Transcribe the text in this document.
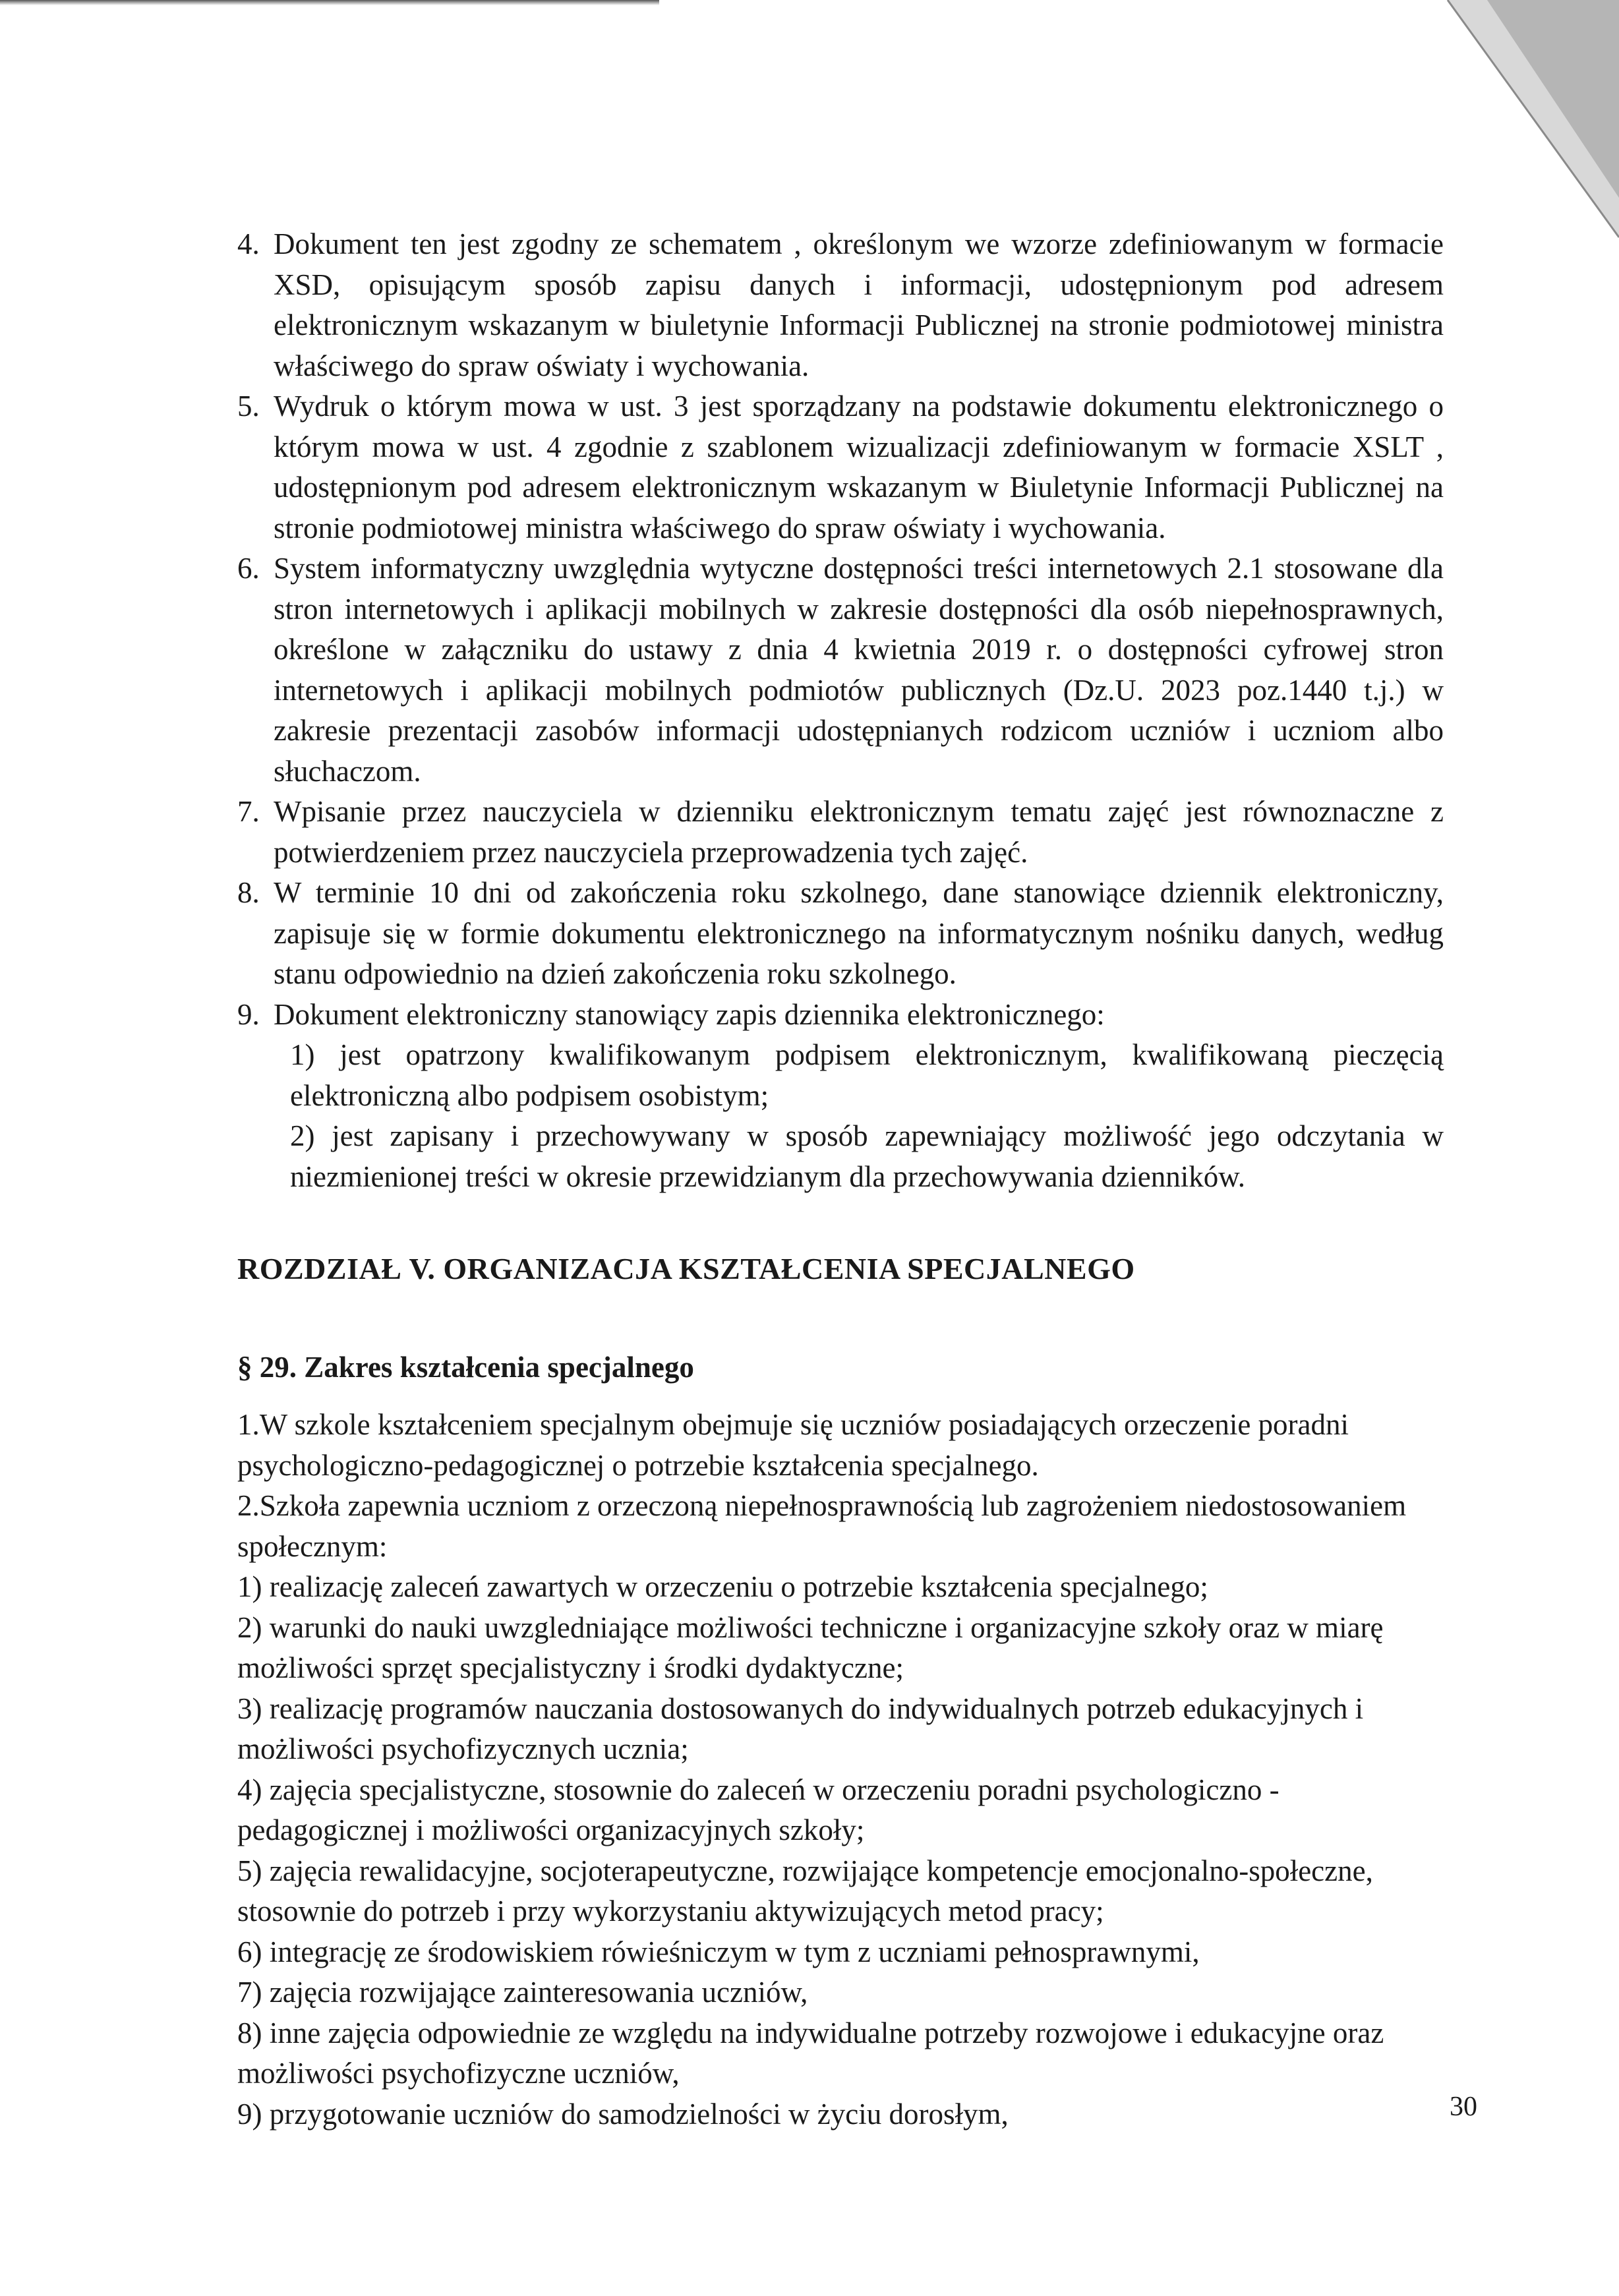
4. Dokument ten jest zgodny ze schematem , określonym we wzorze zdefiniowanym w formacie XSD, opisującym sposób zapisu danych i informacji, udostępnionym pod adresem elektronicznym wskazanym w biuletynie Informacji Publicznej na stronie podmiotowej ministra właściwego do spraw oświaty i wychowania.
5. Wydruk o którym mowa w ust. 3 jest sporządzany na podstawie dokumentu elektronicznego o którym mowa w ust. 4 zgodnie z szablonem wizualizacji zdefiniowanym w formacie XSLT , udostępnionym pod adresem elektronicznym wskazanym w Biuletynie Informacji Publicznej na stronie podmiotowej ministra właściwego do spraw oświaty i wychowania.
6. System informatyczny uwzględnia wytyczne dostępności treści internetowych 2.1 stosowane dla stron internetowych i aplikacji mobilnych w zakresie dostępności dla osób niepełnosprawnych, określone w załączniku do ustawy z dnia 4 kwietnia 2019 r. o dostępności cyfrowej stron internetowych i aplikacji mobilnych podmiotów publicznych (Dz.U. 2023 poz.1440 t.j.) w zakresie prezentacji zasobów informacji udostępnianych rodzicom uczniów i uczniom albo słuchaczom.
7. Wpisanie przez nauczyciela w dzienniku elektronicznym tematu zajęć jest równoznaczne z potwierdzeniem przez nauczyciela przeprowadzenia tych zajęć.
8. W terminie 10 dni od zakończenia roku szkolnego, dane stanowiące dziennik elektroniczny, zapisuje się w formie dokumentu elektronicznego na informatycznym nośniku danych, według stanu odpowiednio na dzień zakończenia roku szkolnego.
9. Dokument elektroniczny stanowiący zapis dziennika elektronicznego:
1) jest opatrzony kwalifikowanym podpisem elektronicznym, kwalifikowaną pieczęcią elektroniczną albo podpisem osobistym;
2) jest zapisany i przechowywany w sposób zapewniający możliwość jego odczytania w niezmienionej treści w okresie przewidzianym dla przechowywania dzienników.
ROZDZIAŁ V. ORGANIZACJA KSZTAŁCENIA SPECJALNEGO
§ 29. Zakres kształcenia specjalnego
1.W szkole kształceniem specjalnym obejmuje się uczniów posiadających orzeczenie poradni psychologiczno-pedagogicznej o potrzebie kształcenia specjalnego.
2.Szkoła zapewnia uczniom z orzeczoną niepełnosprawnością lub zagrożeniem niedostosowaniem społecznym:
1) realizację zaleceń zawartych w orzeczeniu o potrzebie kształcenia specjalnego;
2) warunki do nauki uwzgledniające możliwości techniczne i organizacyjne szkoły oraz w miarę możliwości sprzęt specjalistyczny i środki dydaktyczne;
3) realizację programów nauczania dostosowanych do indywidualnych potrzeb edukacyjnych i możliwości psychofizycznych ucznia;
4) zajęcia specjalistyczne, stosownie do zaleceń w orzeczeniu poradni psychologiczno - pedagogicznej i możliwości organizacyjnych szkoły;
5) zajęcia rewalidacyjne, socjoterapeutyczne, rozwijające kompetencje emocjonalno-społeczne, stosownie do potrzeb i przy wykorzystaniu aktywizujących metod pracy;
6) integrację ze środowiskiem rówieśniczym w tym z uczniami pełnosprawnymi,
7) zajęcia rozwijające zainteresowania uczniów,
8) inne zajęcia odpowiednie ze względu na indywidualne potrzeby rozwojowe i edukacyjne oraz możliwości psychofizyczne uczniów,
9) przygotowanie uczniów do samodzielności w życiu dorosłym,	30
